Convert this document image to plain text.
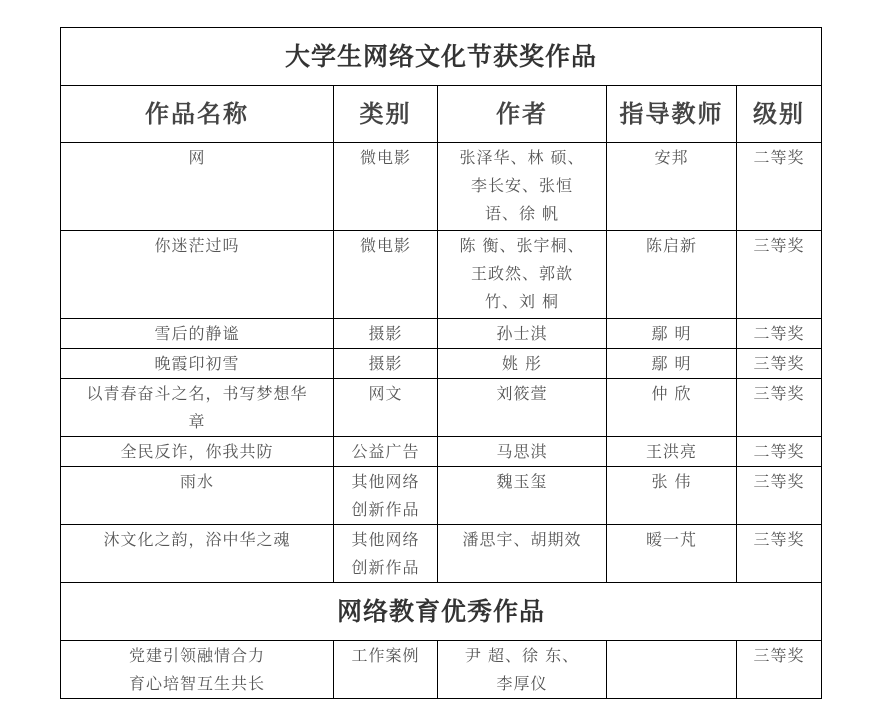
大学生网络文化节获奖作品				
作品名称	类别	作者	指导教师	级别

网	微电影	张泽华、林 硕、
李长安、张恒
语、徐 帆	安邦	二等奖

你迷茫过吗	微电影	陈 衡、张宇桐、
王政然、郭歆
竹、刘 桐	陈启新	三等奖

雪后的静谧	摄影	孙士淇	鄢 明	二等奖

晚霞印初雪	摄影	姚 彤	鄢 明	三等奖

以青春奋斗之名，书写梦想华
章	网文	刘筱萱	仲 欣	三等奖

全民反诈，你我共防	公益广告	马思淇	王洪亮	二等奖

雨水	其他网络
创新作品	魏玉玺	张 伟	三等奖

沐文化之韵，浴中华之魂	其他网络
创新作品	潘思宇、胡期效	暧一芃	三等奖
网络教育优秀作品				

党建引领融情合力
育心培智互生共长	工作案例	尹 超、徐 东、
李厚仪		三等奖
